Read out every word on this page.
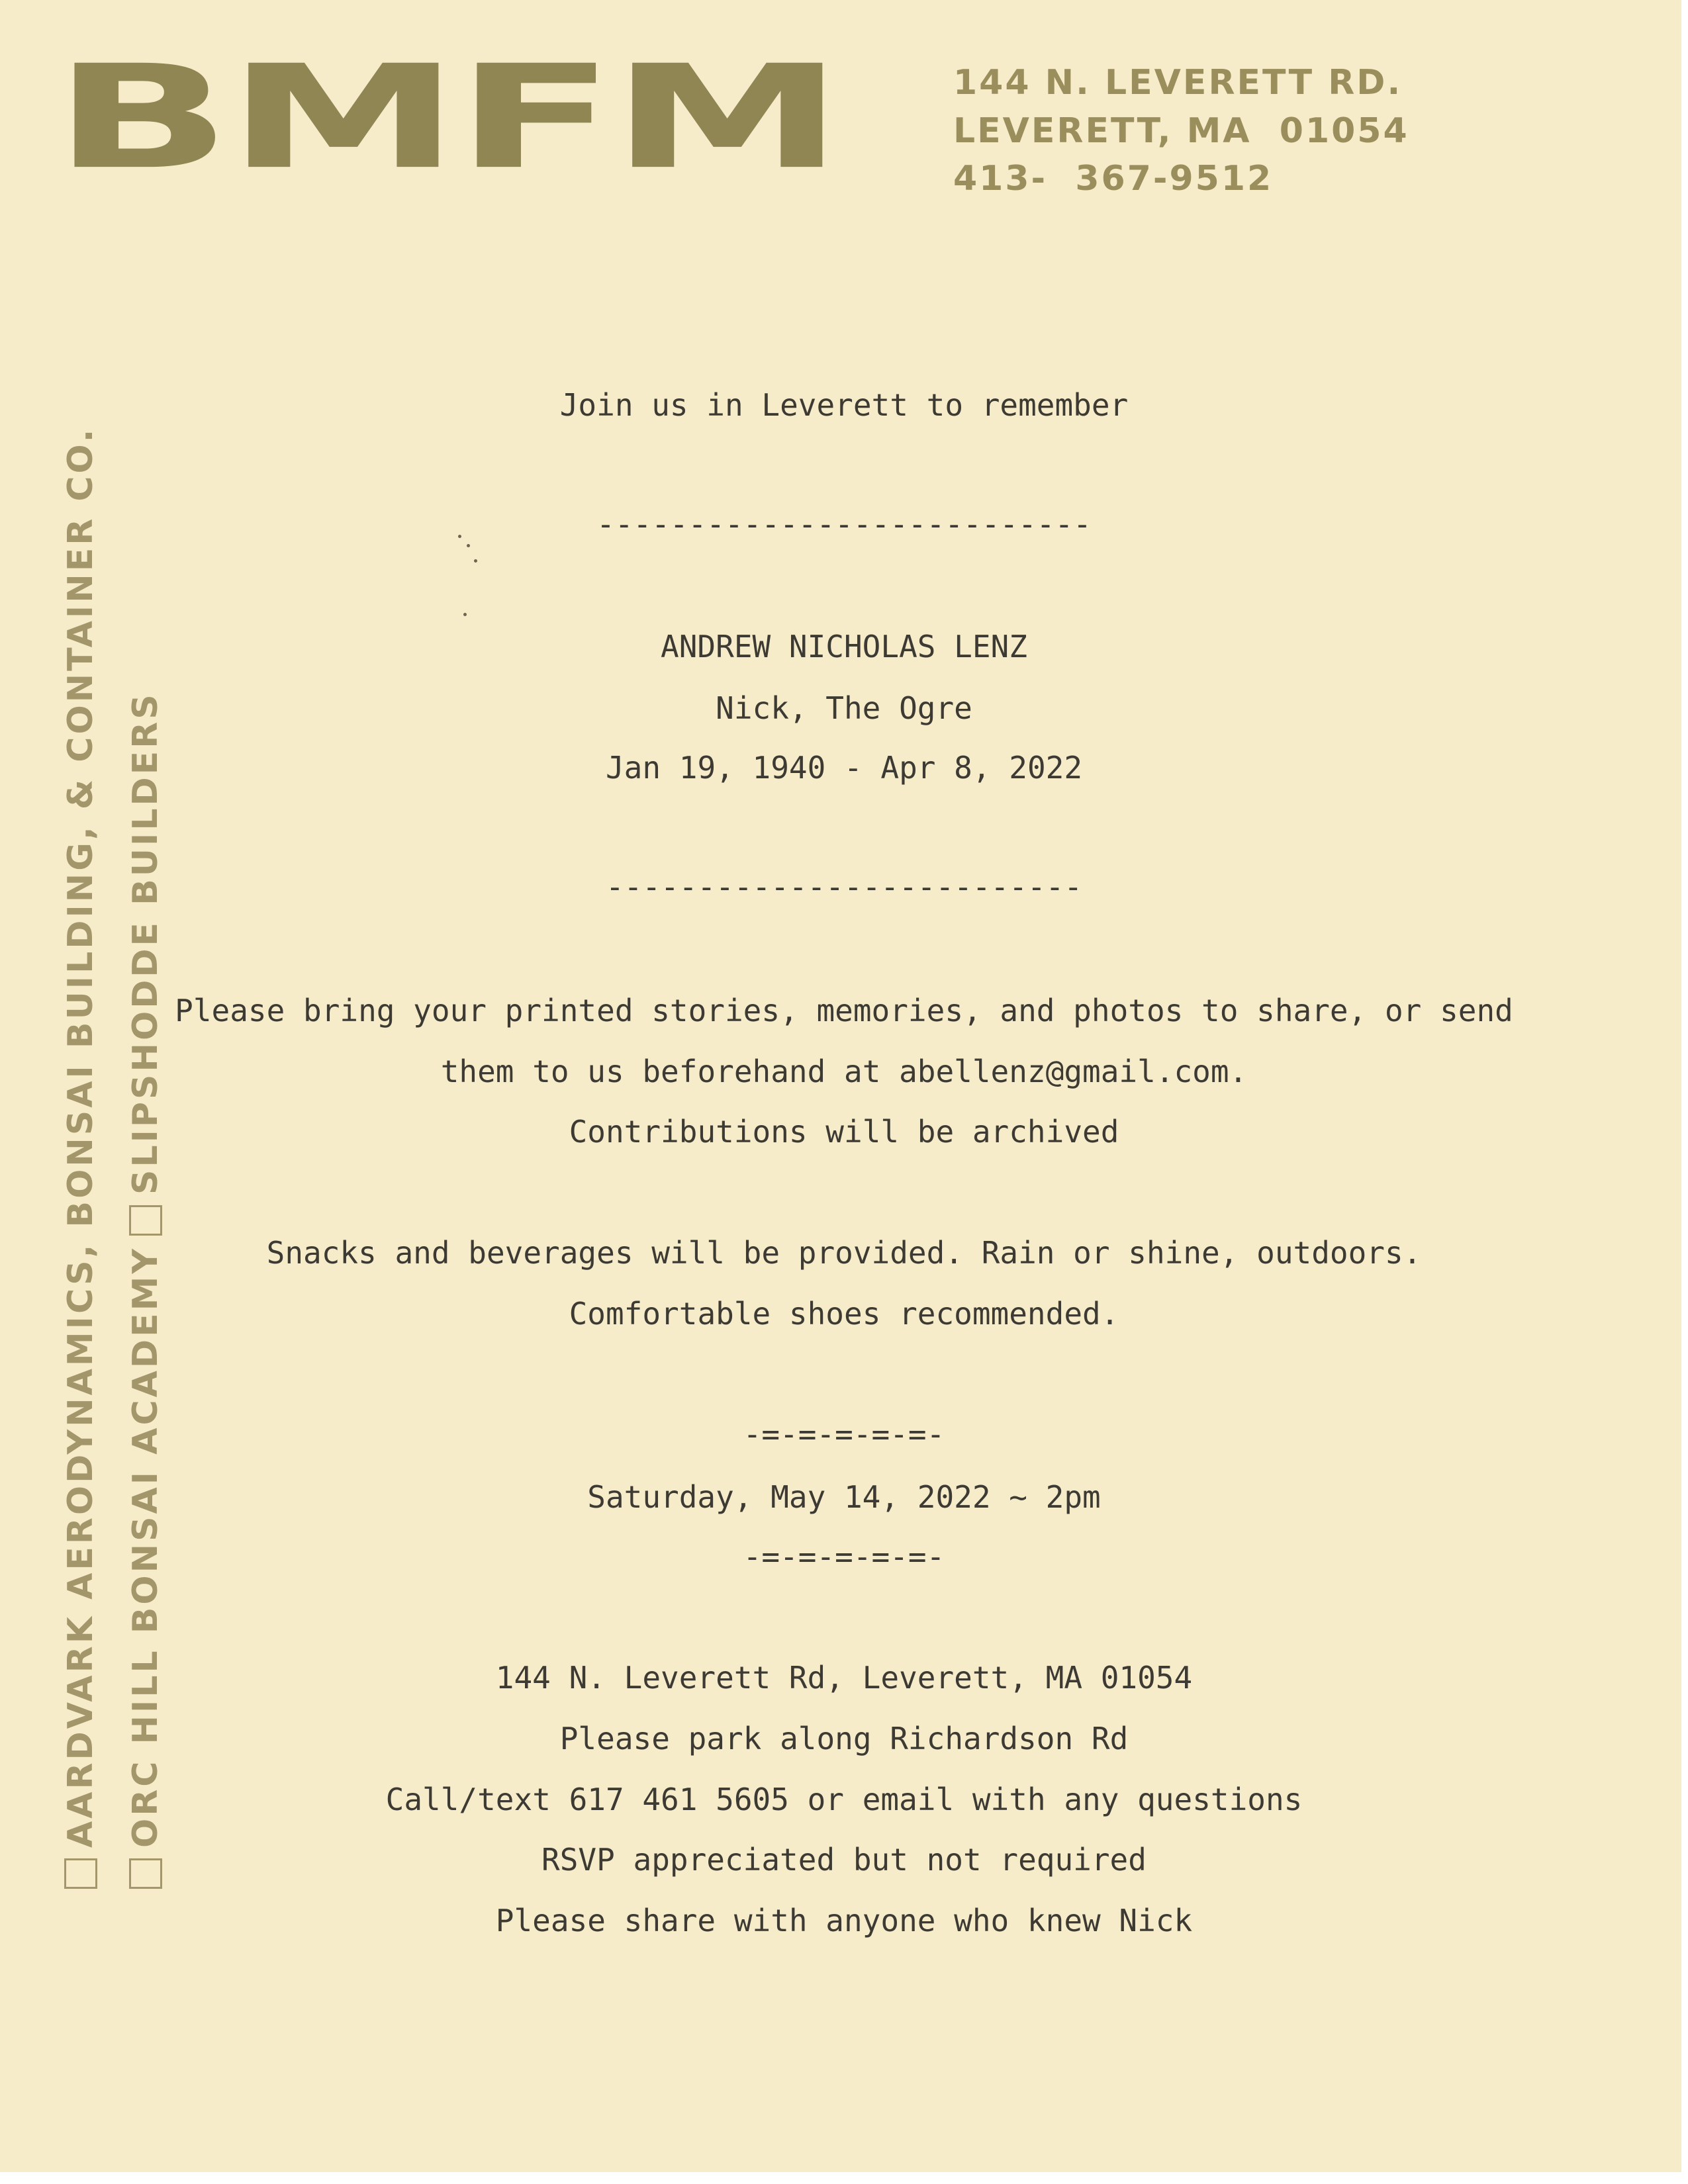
BMFM	144 N. LEVERETT RD.
LEVERETT, MA  01054
413-  367-9512
AARDVARK AERODYNAMICS, BONSAI BUILDING, & CONTAINER CO. ORC HILL BONSAI ACADEMY
SLIPSHODDE BUILDERS
Join us in Leverett to remember
---------------------------
ANDREW NICHOLAS LENZ
Nick, The Ogre
Jan 19, 1940 - Apr 8, 2022
--------------------------
Please bring your printed stories, memories, and photos to share, or send
them to us beforehand at abellenz@gmail.com.
Contributions will be archived
Snacks and beverages will be provided. Rain or shine, outdoors.
Comfortable shoes recommended.
-=-=-=-=-=-
Saturday, May 14, 2022 ~ 2pm
-=-=-=-=-=-
144 N. Leverett Rd, Leverett, MA 01054
Please park along Richardson Rd
Call/text 617 461 5605 or email with any questions
RSVP appreciated but not required
Please share with anyone who knew Nick
